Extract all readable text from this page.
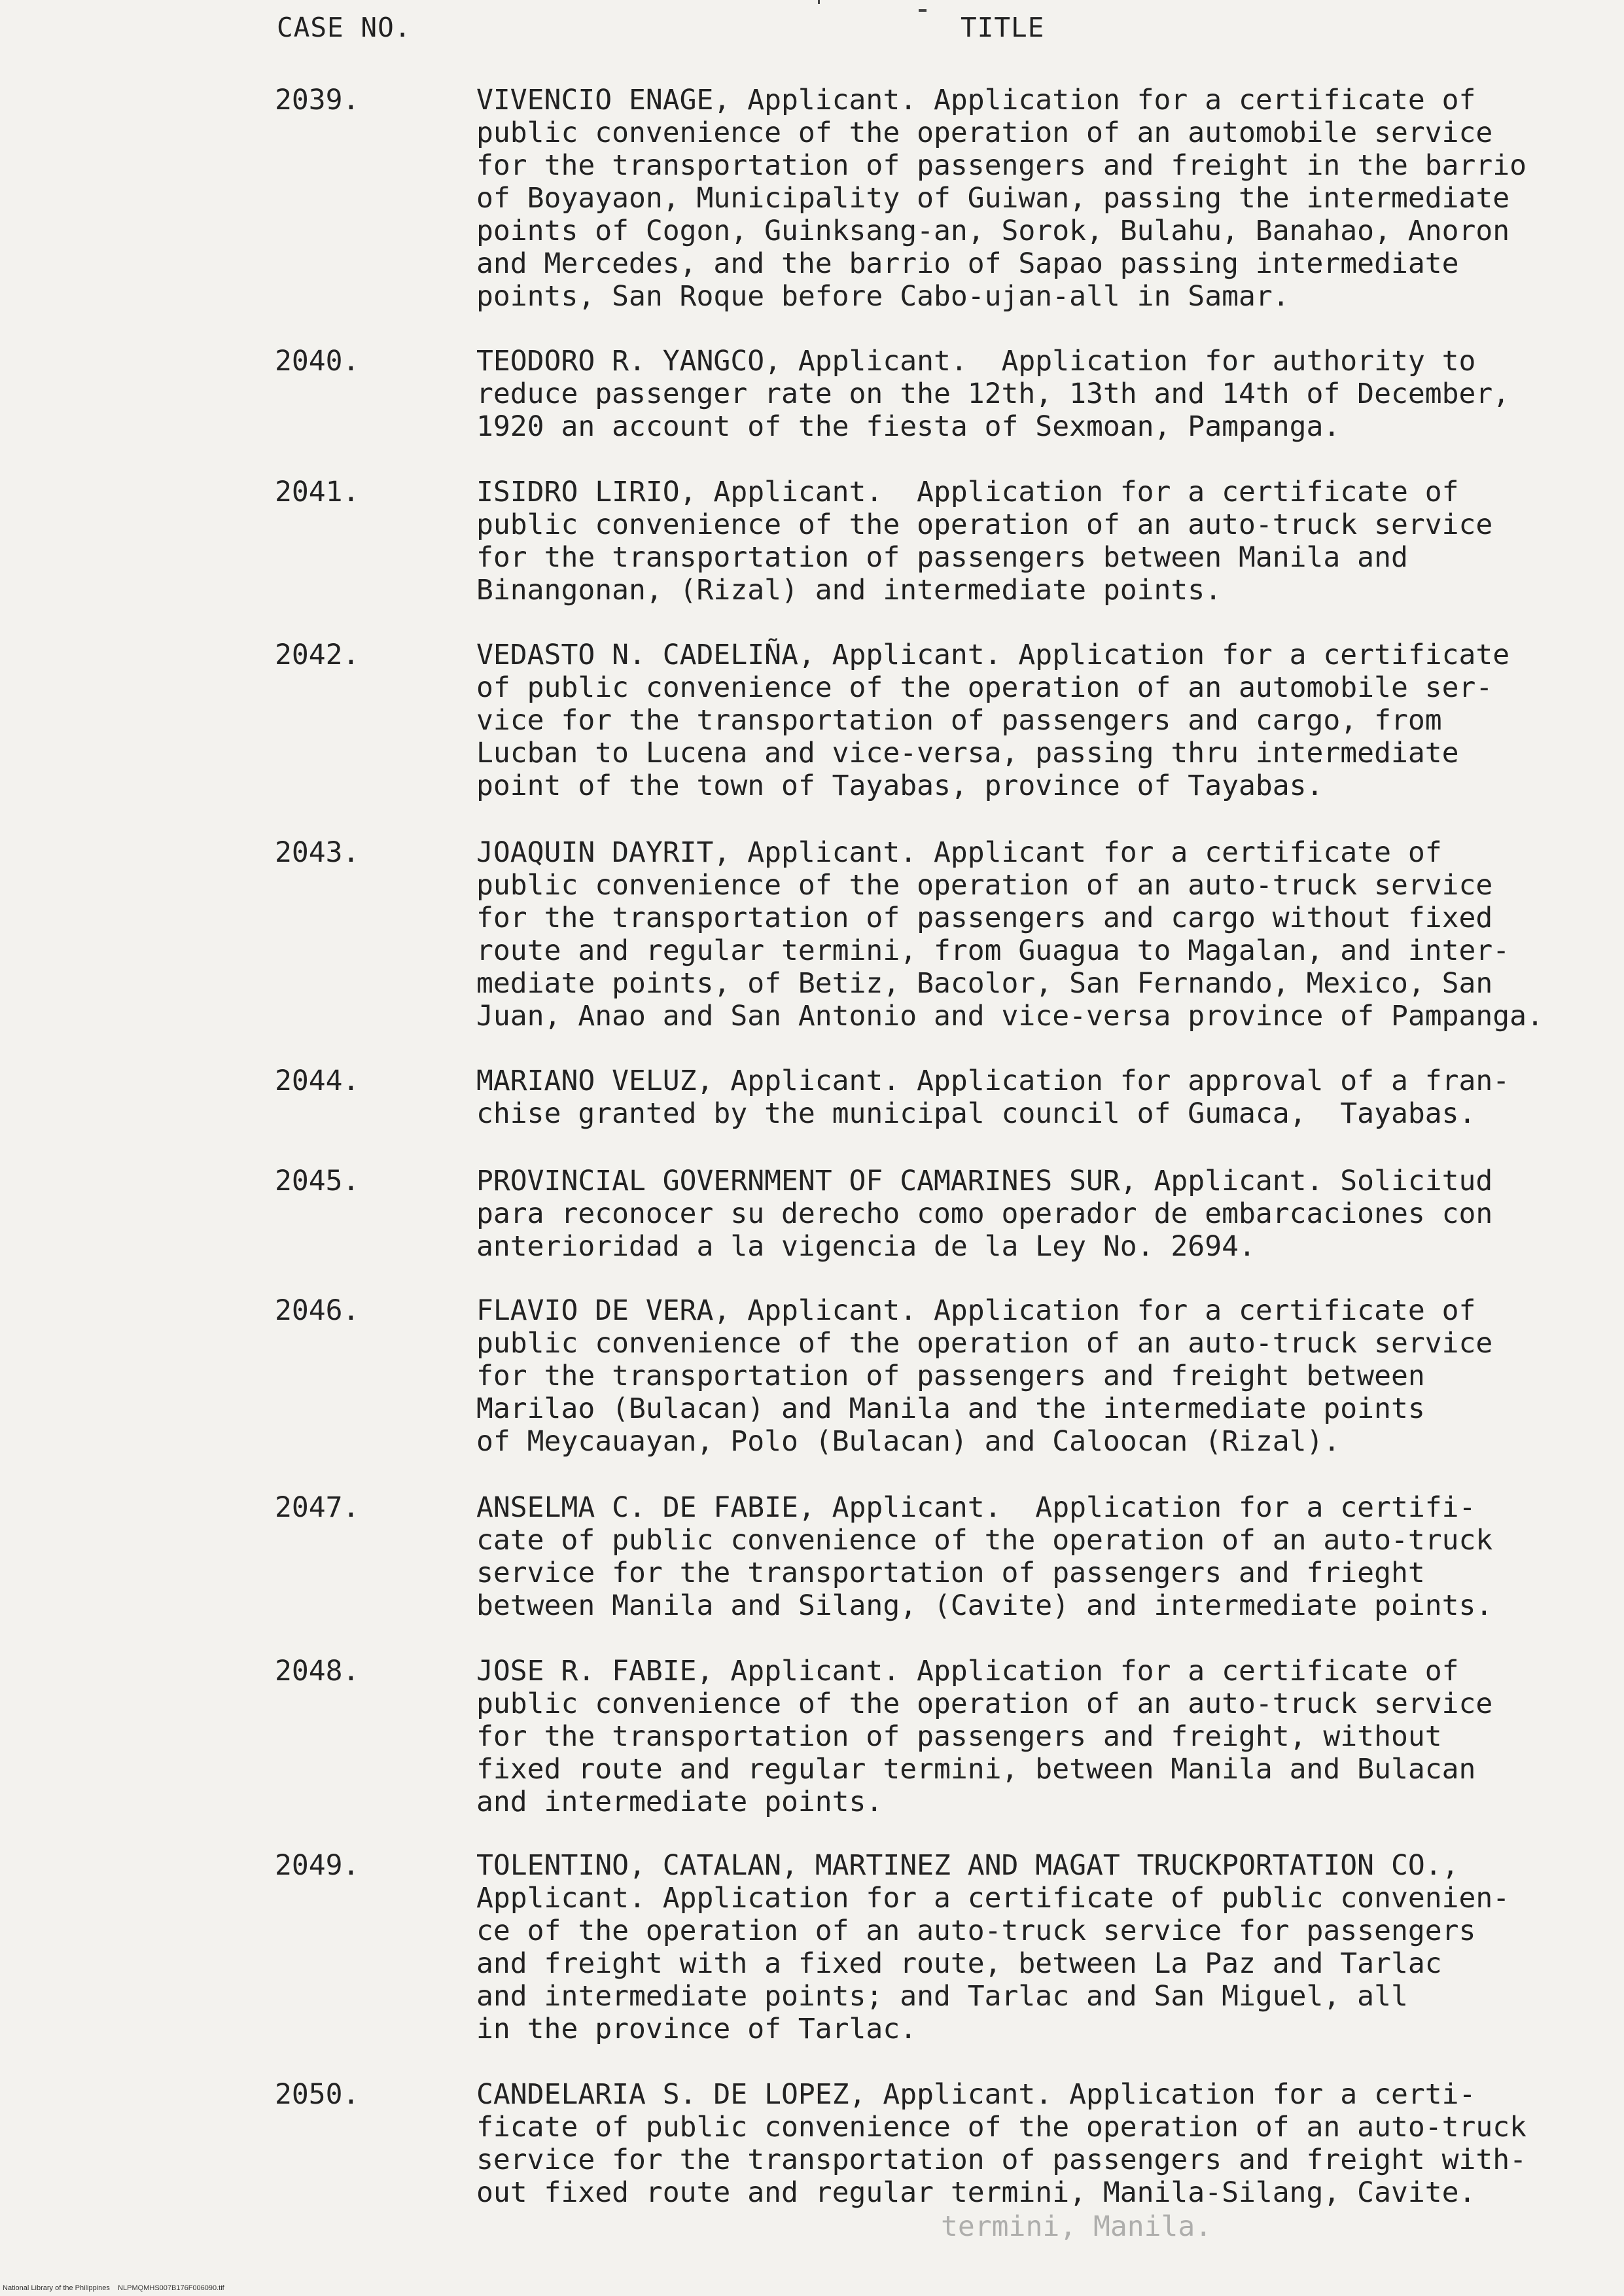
CASE NO.	TITLE
2039.	VIVENCIO ENAGE, Applicant. Application for a certificate of
public convenience of the operation of an automobile service
for the transportation of passengers and freight in the barrio
of Boyayaon, Municipality of Guiwan, passing the intermediate
points of Cogon, Guinksang-an, Sorok, Bulahu, Banahao, Anoron
and Mercedes, and the barrio of Sapao passing intermediate
points, San Roque before Cabo-ujan-all in Samar.
2040.	TEODORO R. YANGCO, Applicant.  Application for authority to
reduce passenger rate on the 12th, 13th and 14th of December,
1920 an account of the fiesta of Sexmoan, Pampanga.
2041.	ISIDRO LIRIO, Applicant.  Application for a certificate of
public convenience of the operation of an auto-truck service
for the transportation of passengers between Manila and
Binangonan, (Rizal) and intermediate points.
2042.	VEDASTO N. CADELIÑA, Applicant. Application for a certificate
of public convenience of the operation of an automobile ser-
vice for the transportation of passengers and cargo, from
Lucban to Lucena and vice-versa, passing thru intermediate
point of the town of Tayabas, province of Tayabas.
2043.	JOAQUIN DAYRIT, Applicant. Applicant for a certificate of
public convenience of the operation of an auto-truck service
for the transportation of passengers and cargo without fixed
route and regular termini, from Guagua to Magalan, and inter-
mediate points, of Betiz, Bacolor, San Fernando, Mexico, San
Juan, Anao and San Antonio and vice-versa province of Pampanga.
2044.	MARIANO VELUZ, Applicant. Application for approval of a fran-
chise granted by the municipal council of Gumaca,  Tayabas.
2045.	PROVINCIAL GOVERNMENT OF CAMARINES SUR, Applicant. Solicitud
para reconocer su derecho como operador de embarcaciones con
anterioridad a la vigencia de la Ley No. 2694.
2046.	FLAVIO DE VERA, Applicant. Application for a certificate of
public convenience of the operation of an auto-truck service
for the transportation of passengers and freight between
Marilao (Bulacan) and Manila and the intermediate points
of Meycauayan, Polo (Bulacan) and Caloocan (Rizal).
2047.	ANSELMA C. DE FABIE, Applicant.  Application for a certifi-
cate of public convenience of the operation of an auto-truck
service for the transportation of passengers and frieght
between Manila and Silang, (Cavite) and intermediate points.
2048.	JOSE R. FABIE, Applicant. Application for a certificate of
public convenience of the operation of an auto-truck service
for the transportation of passengers and freight, without
fixed route and regular termini, between Manila and Bulacan
and intermediate points.
2049.	TOLENTINO, CATALAN, MARTINEZ AND MAGAT TRUCKPORTATION CO.,
Applicant. Application for a certificate of public convenien-
ce of the operation of an auto-truck service for passengers
and freight with a fixed route, between La Paz and Tarlac
and intermediate points; and Tarlac and San Miguel, all
in the province of Tarlac.
2050.	CANDELARIA S. DE LOPEZ, Applicant. Application for a certi-
ficate of public convenience of the operation of an auto-truck
service for the transportation of passengers and freight with-
out fixed route and regular termini, Manila-Silang, Cavite.
termini, Manila.
National Library of the Philippines    NLPMQMHS007B176F006090.tif
